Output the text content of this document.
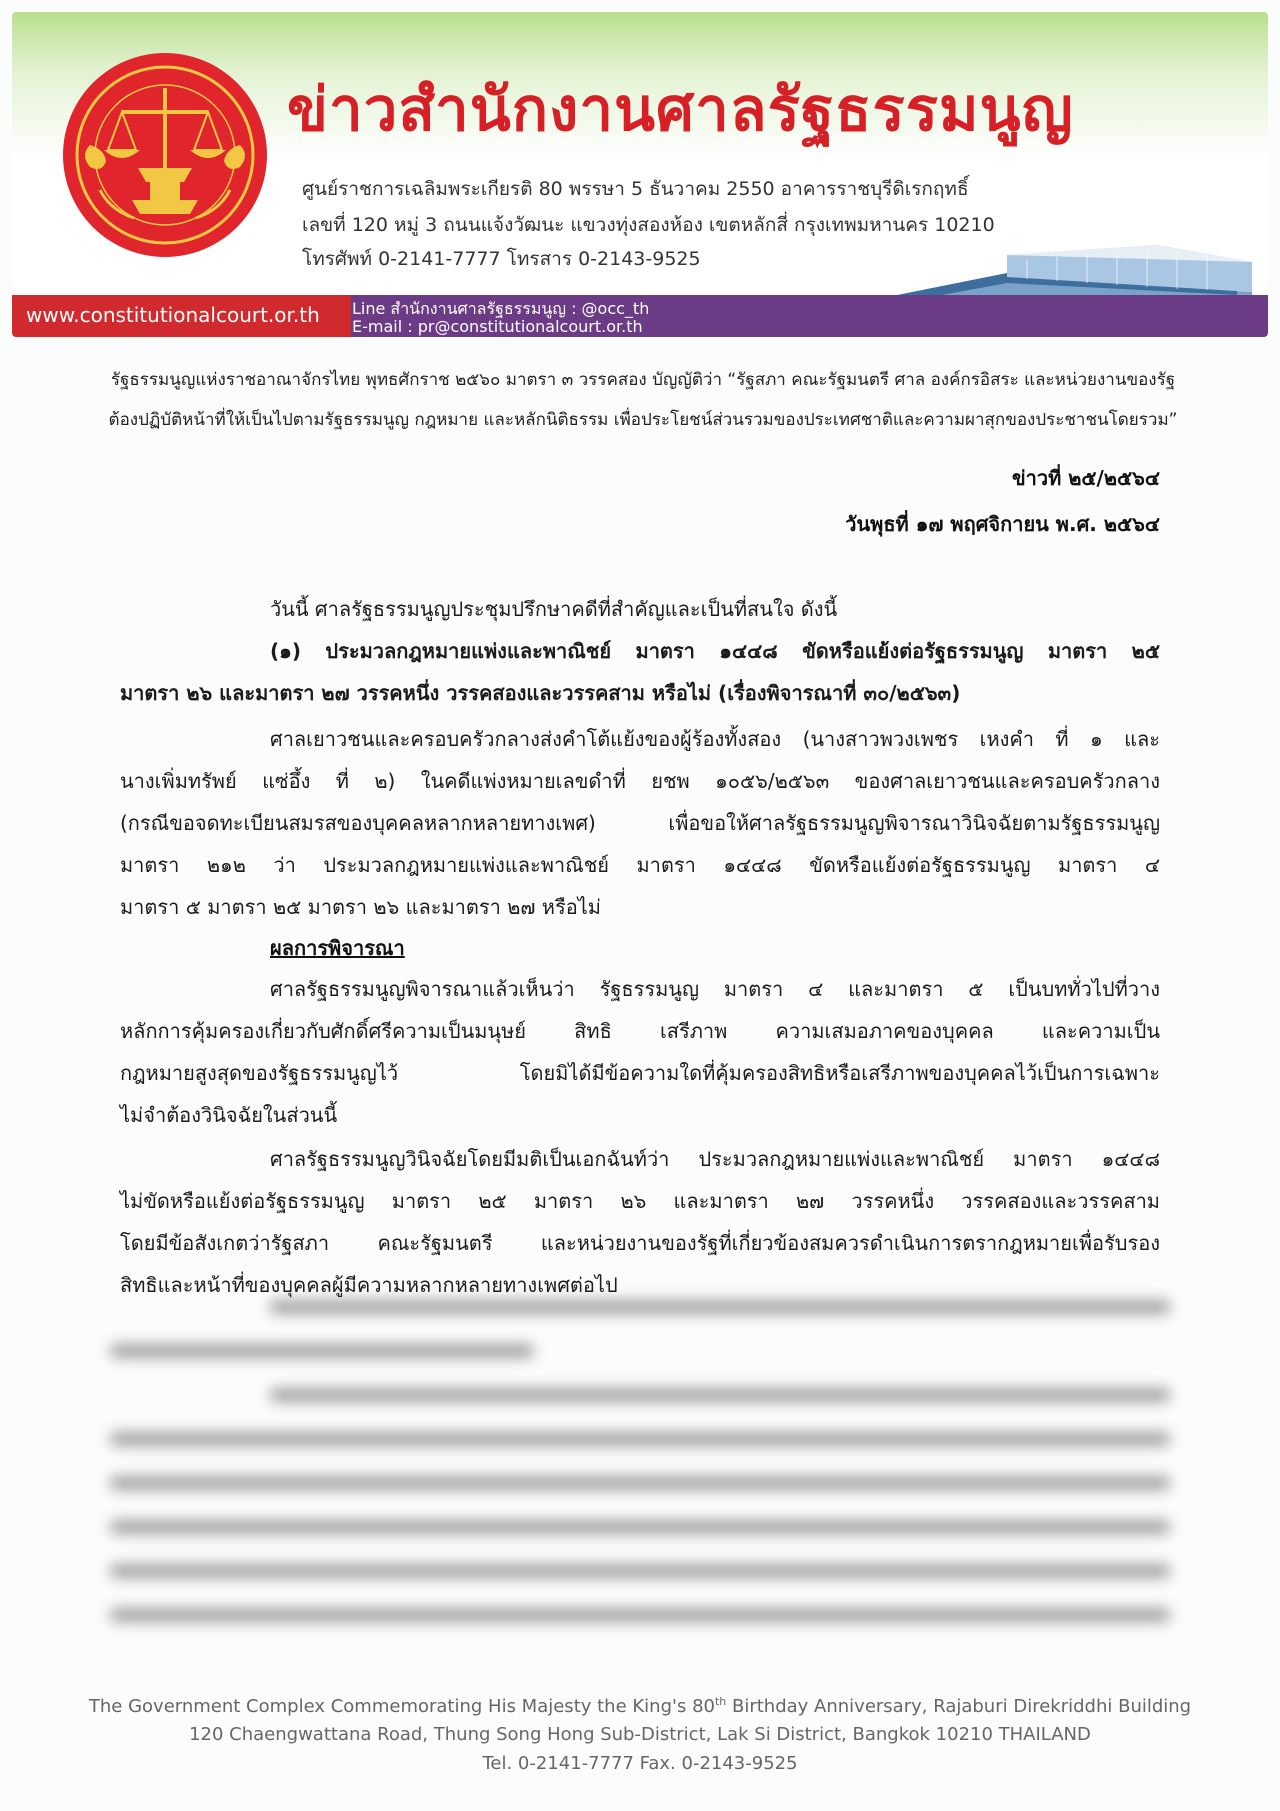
ข่าวสำนักงานศาลรัฐธรรมนูญ
ศูนย์ราชการเฉลิมพระเกียรติ 80 พรรษา 5 ธันวาคม 2550 อาคารราชบุรีดิเรกฤทธิ์
เลขที่ 120 หมู่ 3 ถนนแจ้งวัฒนะ แขวงทุ่งสองห้อง เขตหลักสี่ กรุงเทพมหานคร 10210
โทรศัพท์ 0-2141-7777 โทรสาร 0-2143-9525
www.constitutionalcourt.or.th Line สำนักงานศาลรัฐธรรมนูญ : @occ_th
E-mail : pr@constitutionalcourt.or.th
รัฐธรรมนูญแห่งราชอาณาจักรไทย พุทธศักราช ๒๕๖๐ มาตรา ๓ วรรคสอง บัญญัติว่า “รัฐสภา คณะรัฐมนตรี ศาล องค์กรอิสระ และหน่วยงานของรัฐ
ต้องปฏิบัติหน้าที่ให้เป็นไปตามรัฐธรรมนูญ กฎหมาย และหลักนิติธรรม เพื่อประโยชน์ส่วนรวมของประเทศชาติและความผาสุกของประชาชนโดยรวม”
ข่าวที่ ๒๕/๒๕๖๔
วันพุธที่ ๑๗ พฤศจิกายน พ.ศ. ๒๕๖๔
วันนี้ ศาลรัฐธรรมนูญประชุมปรึกษาคดีที่สำคัญและเป็นที่สนใจ ดังนี้
(๑) ประมวลกฎหมายแพ่งและพาณิชย์ มาตรา ๑๔๔๘ ขัดหรือแย้งต่อรัฐธรรมนูญ มาตรา ๒๕
มาตรา ๒๖ และมาตรา ๒๗ วรรคหนึ่ง วรรคสองและวรรคสาม หรือไม่ (เรื่องพิจารณาที่ ๓๐/๒๕๖๓)
ศาลเยาวชนและครอบครัวกลางส่งคำโต้แย้งของผู้ร้องทั้งสอง (นางสาวพวงเพชร เหงคำ ที่ ๑ และ
นางเพิ่มทรัพย์ แซ่อึ้ง ที่ ๒) ในคดีแพ่งหมายเลขดำที่ ยชพ ๑๐๕๖/๒๕๖๓ ของศาลเยาวชนและครอบครัวกลาง
(กรณีขอจดทะเบียนสมรสของบุคคลหลากหลายทางเพศ) เพื่อขอให้ศาลรัฐธรรมนูญพิจารณาวินิจฉัยตามรัฐธรรมนูญ
มาตรา ๒๑๒ ว่า ประมวลกฎหมายแพ่งและพาณิชย์ มาตรา ๑๔๔๘ ขัดหรือแย้งต่อรัฐธรรมนูญ มาตรา ๔
มาตรา ๕ มาตรา ๒๕ มาตรา ๒๖ และมาตรา ๒๗ หรือไม่
ผลการพิจารณา
ศาลรัฐธรรมนูญพิจารณาแล้วเห็นว่า รัฐธรรมนูญ มาตรา ๔ และมาตรา ๕ เป็นบททั่วไปที่วาง
หลักการคุ้มครองเกี่ยวกับศักดิ์ศรีความเป็นมนุษย์ สิทธิ เสรีภาพ ความเสมอภาคของบุคคล และความเป็น
กฎหมายสูงสุดของรัฐธรรมนูญไว้ โดยมิได้มีข้อความใดที่คุ้มครองสิทธิหรือเสรีภาพของบุคคลไว้เป็นการเฉพาะ
ไม่จำต้องวินิจฉัยในส่วนนี้
ศาลรัฐธรรมนูญวินิจฉัยโดยมีมติเป็นเอกฉันท์ว่า ประมวลกฎหมายแพ่งและพาณิชย์ มาตรา ๑๔๔๘
ไม่ขัดหรือแย้งต่อรัฐธรรมนูญ มาตรา ๒๕ มาตรา ๒๖ และมาตรา ๒๗ วรรคหนึ่ง วรรคสองและวรรคสาม
โดยมีข้อสังเกตว่ารัฐสภา คณะรัฐมนตรี และหน่วยงานของรัฐที่เกี่ยวข้องสมควรดำเนินการตรากฎหมายเพื่อรับรอง
สิทธิและหน้าที่ของบุคคลผู้มีความหลากหลายทางเพศต่อไป
The Government Complex Commemorating His Majesty the King's 80th Birthday Anniversary, Rajaburi Direkriddhi Building
120 Chaengwattana Road, Thung Song Hong Sub-District, Lak Si District, Bangkok 10210 THAILAND
Tel. 0-2141-7777 Fax. 0-2143-9525
